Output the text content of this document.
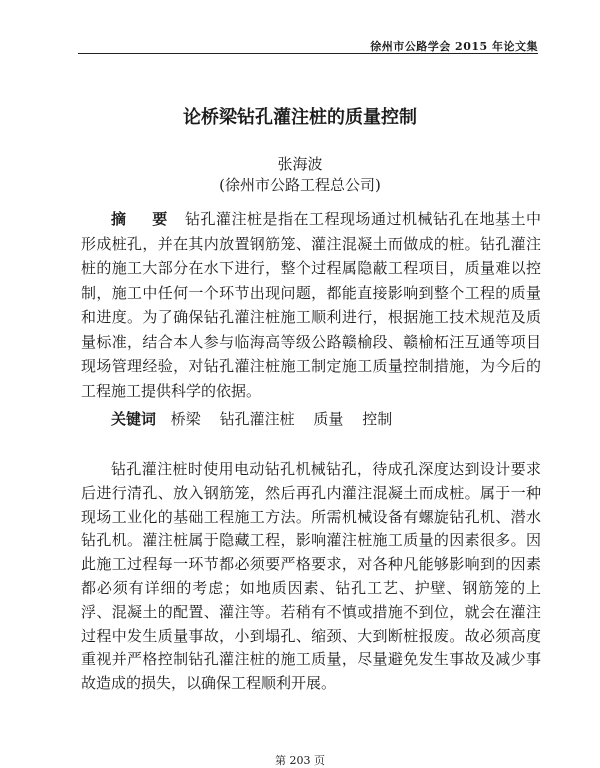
徐州市公路学会 2015 年论文集
论桥梁钻孔灌注桩的质量控制
张海波
(徐州市公路工程总公司)
摘 要 钻孔灌注桩是指在工程现场通过机械钻孔在地基土中形成桩孔，并在其内放置钢筋笼、灌注混凝土而做成的桩。钻孔灌注桩的施工大部分在水下进行，整个过程属隐蔽工程项目，质量难以控制，施工中任何一个环节出现问题，都能直接影响到整个工程的质量和进度。为了确保钻孔灌注桩施工顺利进行，根据施工技术规范及质量标准，结合本人参与临海高等级公路赣榆段、赣榆柘汪互通等项目现场管理经验，对钻孔灌注桩施工制定施工质量控制措施，为今后的工程施工提供科学的依据。
关键词 桥梁 钻孔灌注桩 质量 控制
钻孔灌注桩时使用电动钻孔机械钻孔，待成孔深度达到设计要求后进行清孔、放入钢筋笼，然后再孔内灌注混凝土而成桩。属于一种现场工业化的基础工程施工方法。所需机械设备有螺旋钻孔机、潜水钻孔机。灌注桩属于隐藏工程，影响灌注桩施工质量的因素很多。因此施工过程每一环节都必须要严格要求，对各种凡能够影响到的因素都必须有详细的考虑；如地质因素、钻孔工艺、护壁、钢筋笼的上浮、混凝土的配置、灌注等。若稍有不慎或措施不到位，就会在灌注过程中发生质量事故，小到塌孔、缩颈、大到断桩报废。故必须高度重视并严格控制钻孔灌注桩的施工质量，尽量避免发生事故及减少事故造成的损失，以确保工程顺利开展。
第 203 页
